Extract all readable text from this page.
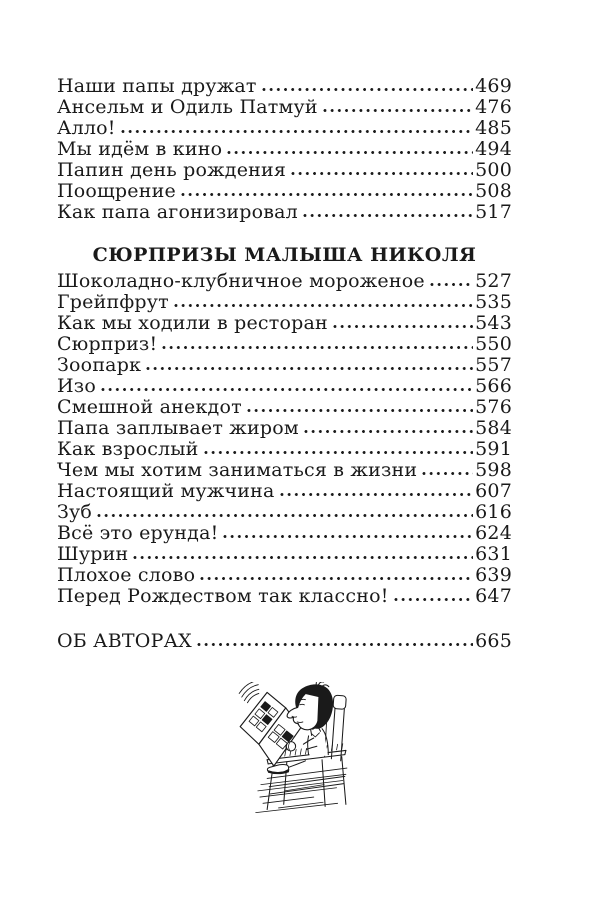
Наши папы дружат	469
Ансельм и Одиль Патмуй	476
Алло!	485
Мы идём в кино	494
Папин день рождения	500
Поощрение	508
Как папа агонизировал	517
СЮРПРИЗЫ МАЛЫША НИКОЛЯ
Шоколадно-клубничное мороженое	527
Грейпфрут	535
Как мы ходили в ресторан	543
Сюрприз!	550
Зоопарк	557
Изо	566
Смешной анекдот	576
Папа заплывает жиром	584
Как взрослый	591
Чем мы хотим заниматься в жизни	598
Настоящий мужчина	607
Зуб	616
Всё это ерунда!	624
Шурин	631
Плохое слово	639
Перед Рождеством так классно!	647
ОБ АВТОРАХ	665
